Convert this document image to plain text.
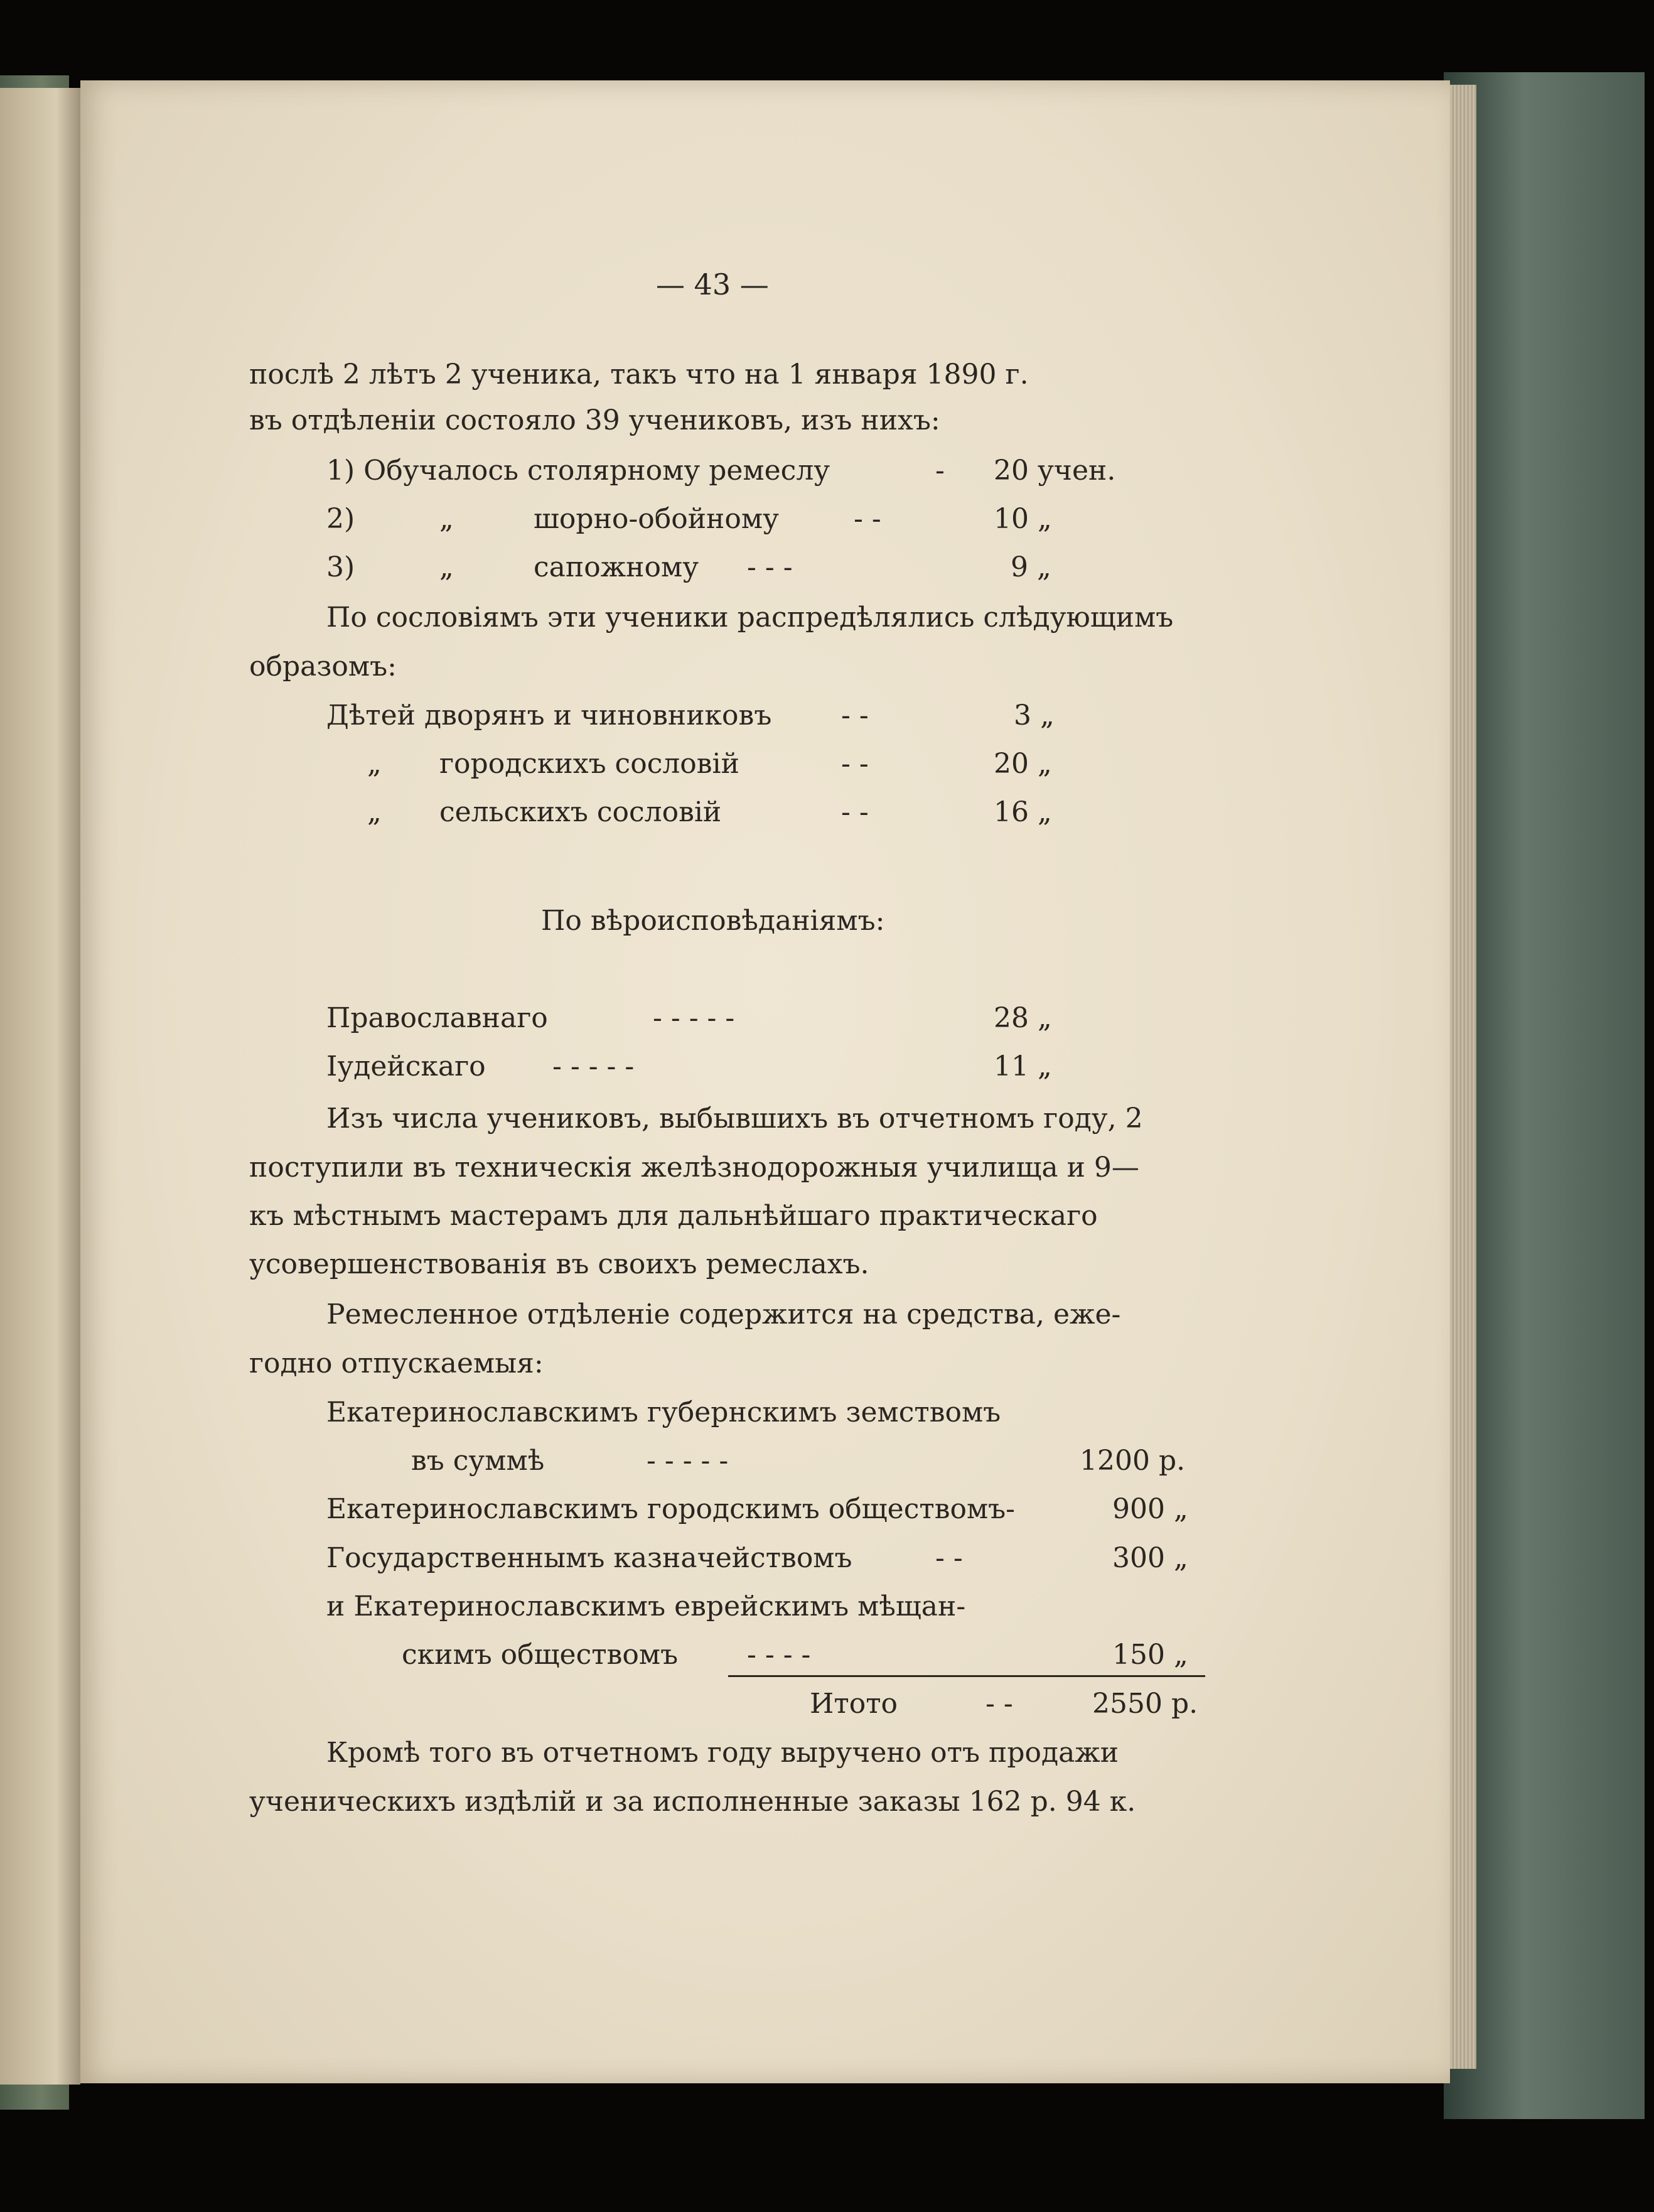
— 43 —
послѣ 2 лѣтъ 2 ученика, такъ что на 1 января 1890 г.
въ отдѣленіи состояло 39 учениковъ, изъ нихъ:
1) Обучалось столярному ремеслу	- 20 учен.
2)	„	шорно-обойному	- -	10 „
3)	„	сапожному - - -	9 „
По сословіямъ эти ученики распредѣлялись слѣдующимъ
образомъ:
Дѣтей дворянъ и чиновниковъ	- -	3 „
„ городскихъ сословій	- -	20 „
„ сельскихъ сословій	- -	16 „
По вѣроисповѣданіямъ:
Православнаго	- - - - -	28 „
Іудейскаго - - - - -	11 „
Изъ числа учениковъ, выбывшихъ въ отчетномъ году, 2
поступили въ техническія желѣзнодорожныя училища и 9—
къ мѣстнымъ мастерамъ для дальнѣйшаго практическаго
усовершенствованія въ своихъ ремеслахъ.
Ремесленное отдѣленіе содержится на средства, еже-
годно отпускаемыя:
Екатеринославскимъ губернскимъ земствомъ
въ суммѣ	- - - - -	1200 р.
Екатеринославскимъ городскимъ обществомъ-	900 „
Государственнымъ казначействомъ	- -	300 „
и Екатеринославскимъ еврейскимъ мѣщан-
скимъ обществомъ - - - -	150 „
Итото	- -	2550 р.
Кромѣ того въ отчетномъ году выручено отъ продажи
ученическихъ издѣлій и за исполненные заказы 162 р. 94 к.
